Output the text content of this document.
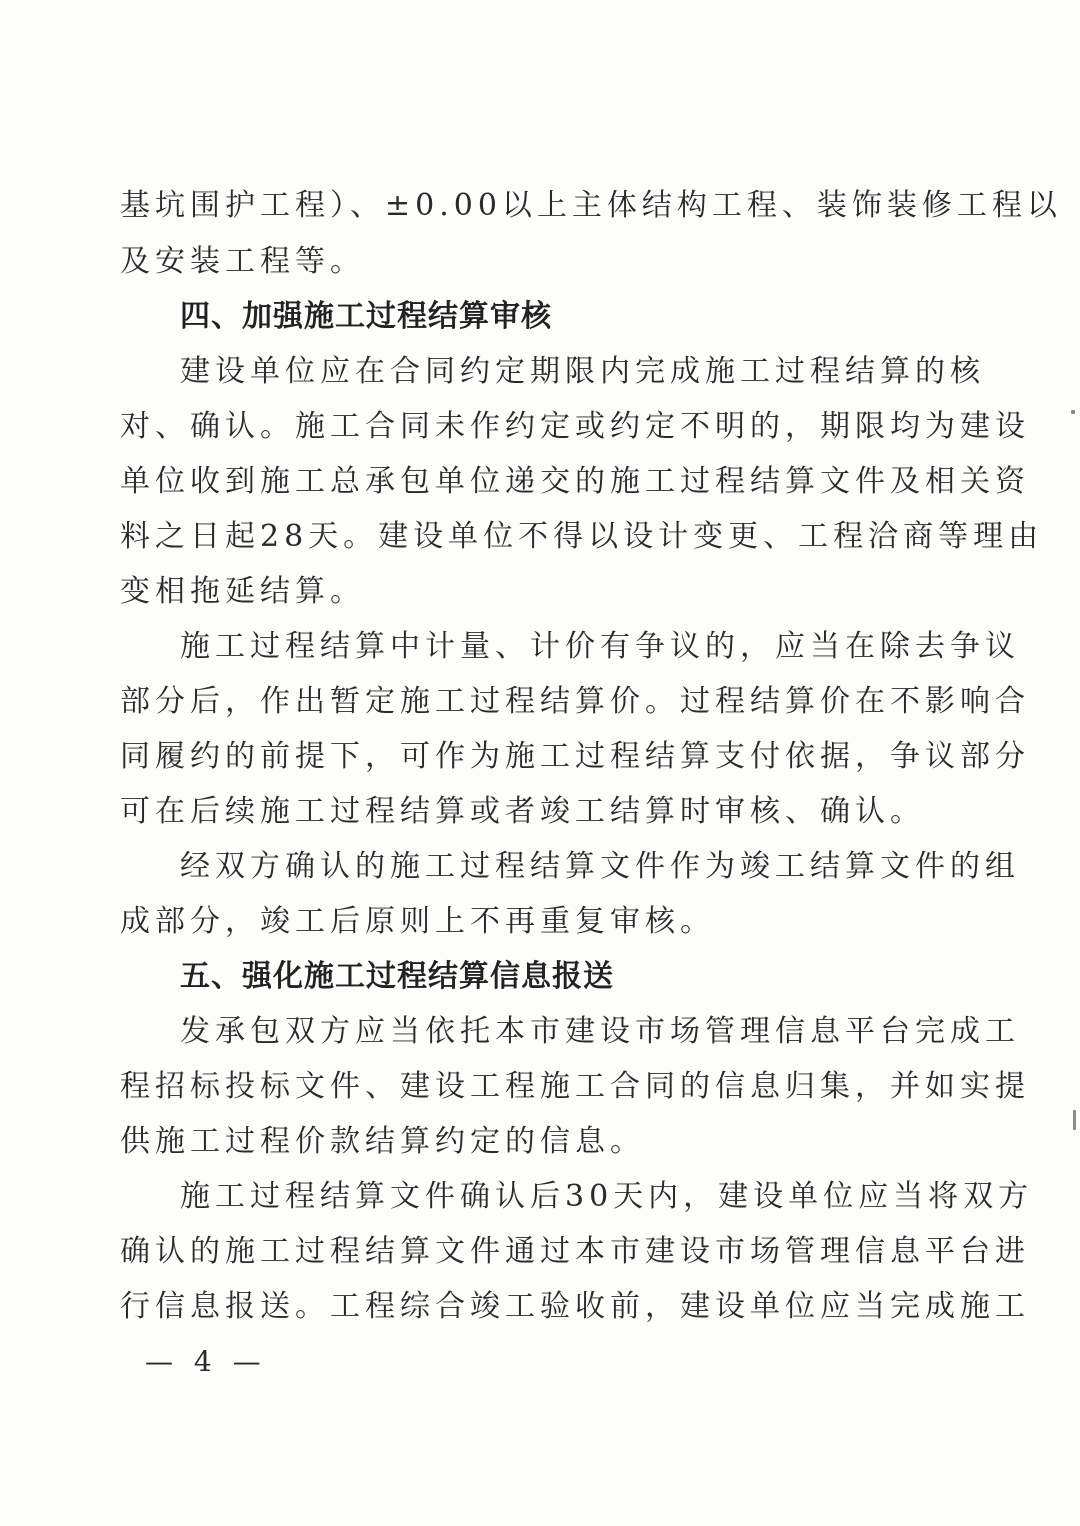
基坑围护工程）、±0.00以上主体结构工程、装饰装修工程以
及安装工程等。
四、加强施工过程结算审核
建设单位应在合同约定期限内完成施工过程结算的核
对、确认。施工合同未作约定或约定不明的，期限均为建设
单位收到施工总承包单位递交的施工过程结算文件及相关资
料之日起28天。建设单位不得以设计变更、工程洽商等理由
变相拖延结算。
施工过程结算中计量、计价有争议的，应当在除去争议
部分后，作出暂定施工过程结算价。过程结算价在不影响合
同履约的前提下，可作为施工过程结算支付依据，争议部分
可在后续施工过程结算或者竣工结算时审核、确认。
经双方确认的施工过程结算文件作为竣工结算文件的组
成部分，竣工后原则上不再重复审核。
五、强化施工过程结算信息报送
发承包双方应当依托本市建设市场管理信息平台完成工
程招标投标文件、建设工程施工合同的信息归集，并如实提
供施工过程价款结算约定的信息。
施工过程结算文件确认后30天内，建设单位应当将双方
确认的施工过程结算文件通过本市建设市场管理信息平台进
行信息报送。工程综合竣工验收前，建设单位应当完成施工
— 4 —
